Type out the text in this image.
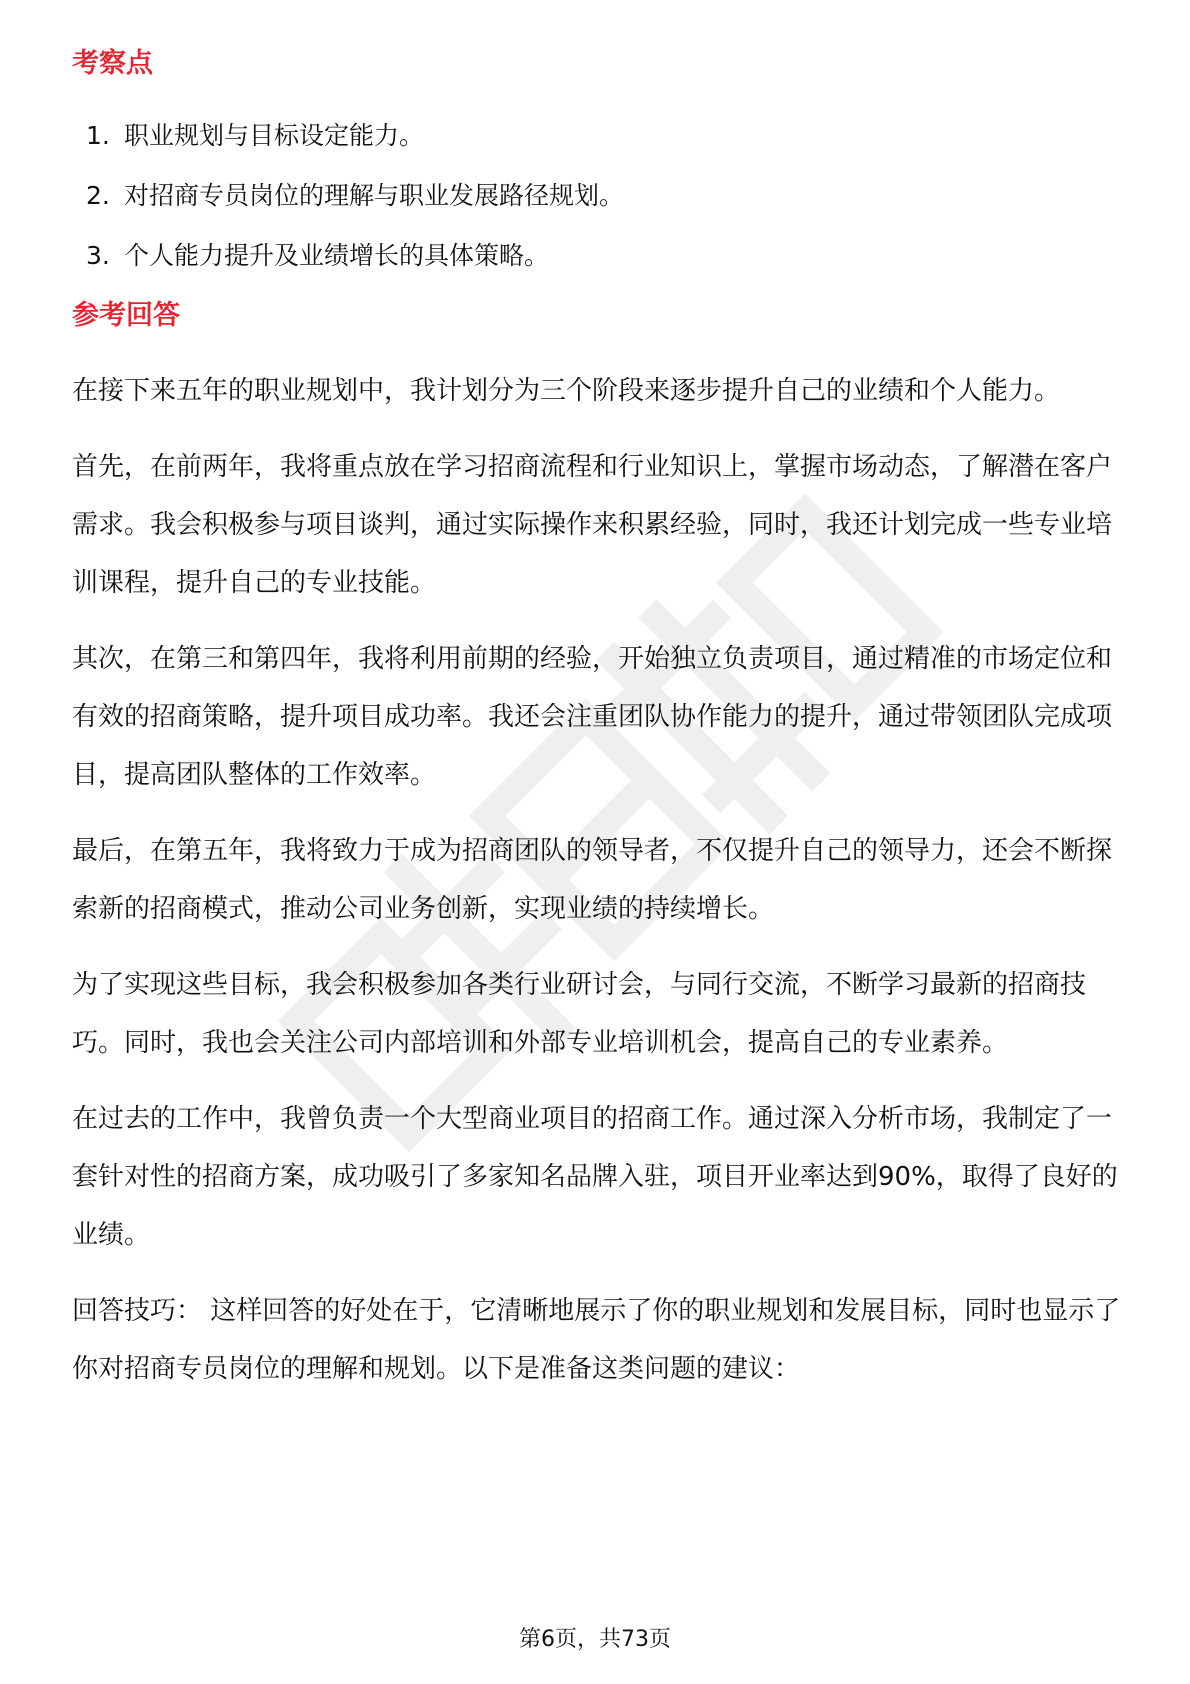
考察点
1. 职业规划与目标设定能力。
2. 对招商专员岗位的理解与职业发展路径规划。
3. 个人能力提升及业绩增长的具体策略。
参考回答

在接下来五年的职业规划中，我计划分为三个阶段来逐步提升自己的业绩和个人能力。

首先，在前两年，我将重点放在学习招商流程和行业知识上，掌握市场动态，了解潜在客户需求。我会积极参与项目谈判，通过实际操作来积累经验，同时，我还计划完成一些专业培训课程，提升自己的专业技能。

其次，在第三和第四年，我将利用前期的经验，开始独立负责项目，通过精准的市场定位和有效的招商策略，提升项目成功率。我还会注重团队协作能力的提升，通过带领团队完成项目，提高团队整体的工作效率。

最后，在第五年，我将致力于成为招商团队的领导者，不仅提升自己的领导力，还会不断探索新的招商模式，推动公司业务创新，实现业绩的持续增长。

为了实现这些目标，我会积极参加各类行业研讨会，与同行交流，不断学习最新的招商技巧。同时，我也会关注公司内部培训和外部专业培训机会，提高自己的专业素养。

在过去的工作中，我曾负责一个大型商业项目的招商工作。通过深入分析市场，我制定了一套针对性的招商方案，成功吸引了多家知名品牌入驻，项目开业率达到90%，取得了良好的业绩。

回答技巧： 这样回答的好处在于，它清晰地展示了你的职业规划和发展目标，同时也显示了你对招商专员岗位的理解和规划。以下是准备这类问题的建议：

第6页，共73页
